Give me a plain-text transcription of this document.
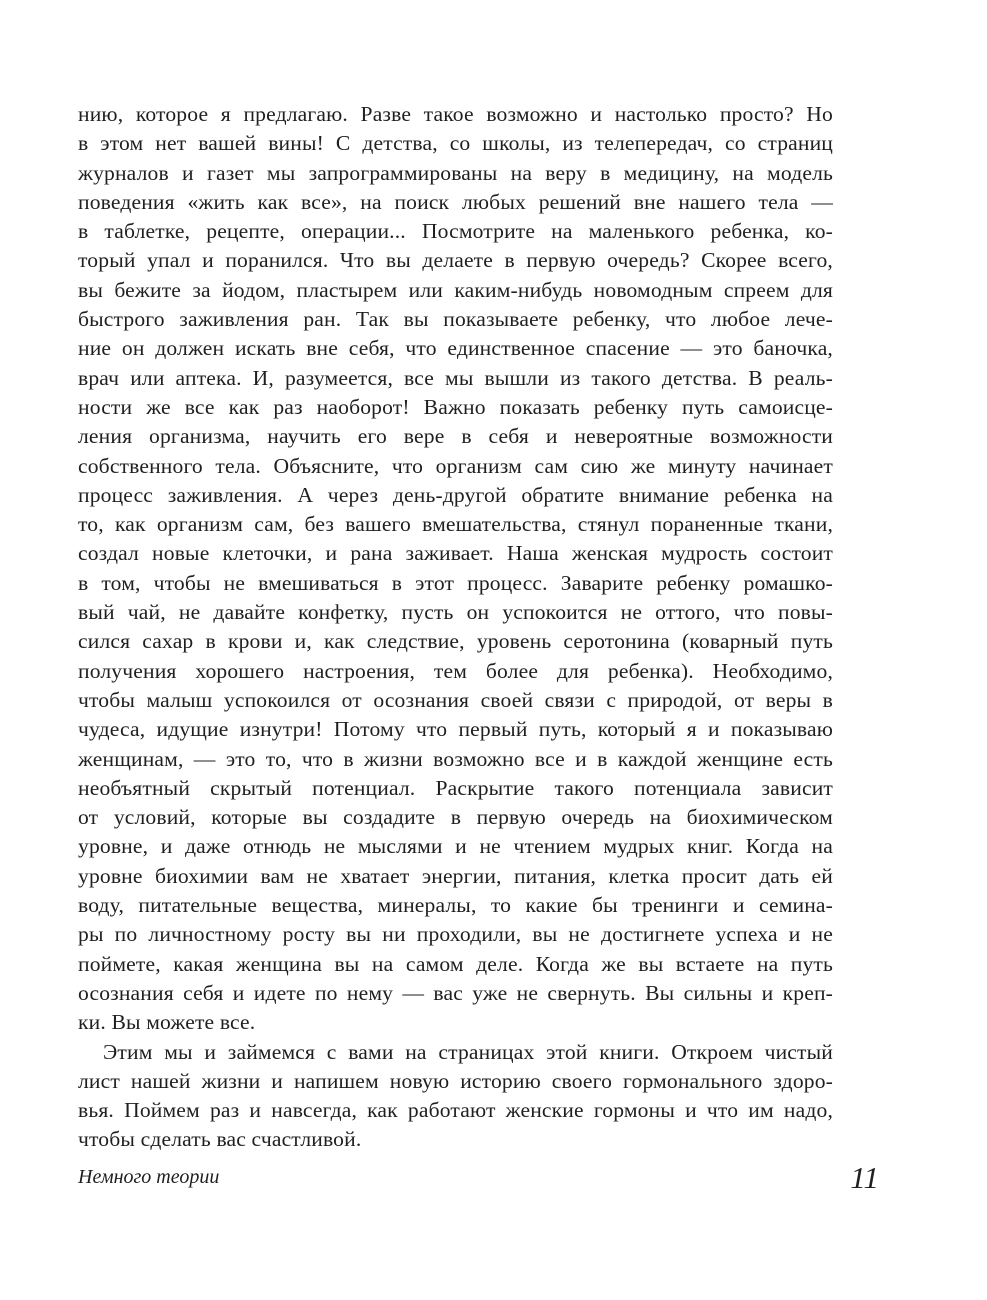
нию, которое я предлагаю. Разве такое возможно и настолько просто? Но
в этом нет вашей вины! С детства, со школы, из телепередач, со страниц
журналов и газет мы запрограммированы на веру в медицину, на модель
поведения «жить как все», на поиск любых решений вне нашего тела —
в таблетке, рецепте, операции... Посмотрите на маленького ребенка, ко-
торый упал и поранился. Что вы делаете в первую очередь? Скорее всего,
вы бежите за йодом, пластырем или каким-нибудь новомодным спреем для
быстрого заживления ран. Так вы показываете ребенку, что любое лече-
ние он должен искать вне себя, что единственное спасение — это баночка,
врач или аптека. И, разумеется, все мы вышли из такого детства. В реаль-
ности же все как раз наоборот! Важно показать ребенку путь самоисце-
ления организма, научить его вере в себя и невероятные возможности
собственного тела. Объясните, что организм сам сию же минуту начинает
процесс заживления. А через день-другой обратите внимание ребенка на
то, как организм сам, без вашего вмешательства, стянул пораненные ткани,
создал новые клеточки, и рана заживает. Наша женская мудрость состоит
в том, чтобы не вмешиваться в этот процесс. Заварите ребенку ромашко-
вый чай, не давайте конфетку, пусть он успокоится не оттого, что повы-
сился сахар в крови и, как следствие, уровень серотонина (коварный путь
получения хорошего настроения, тем более для ребенка). Необходимо,
чтобы малыш успокоился от осознания своей связи с природой, от веры в
чудеса, идущие изнутри! Потому что первый путь, который я и показываю
женщинам, — это то, что в жизни возможно все и в каждой женщине есть
необъятный скрытый потенциал. Раскрытие такого потенциала зависит
от условий, которые вы создадите в первую очередь на биохимическом
уровне, и даже отнюдь не мыслями и не чтением мудрых книг. Когда на
уровне биохимии вам не хватает энергии, питания, клетка просит дать ей
воду, питательные вещества, минералы, то какие бы тренинги и семина-
ры по личностному росту вы ни проходили, вы не достигнете успеха и не
поймете, какая женщина вы на самом деле. Когда же вы встаете на путь
осознания себя и идете по нему — вас уже не свернуть. Вы сильны и креп-
ки. Вы можете все.
Этим мы и займемся с вами на страницах этой книги. Откроем чистый
лист нашей жизни и напишем новую историю своего гормонального здоро-
вья. Поймем раз и навсегда, как работают женские гормоны и что им надо,
чтобы сделать вас счастливой.
Немного теории	11
